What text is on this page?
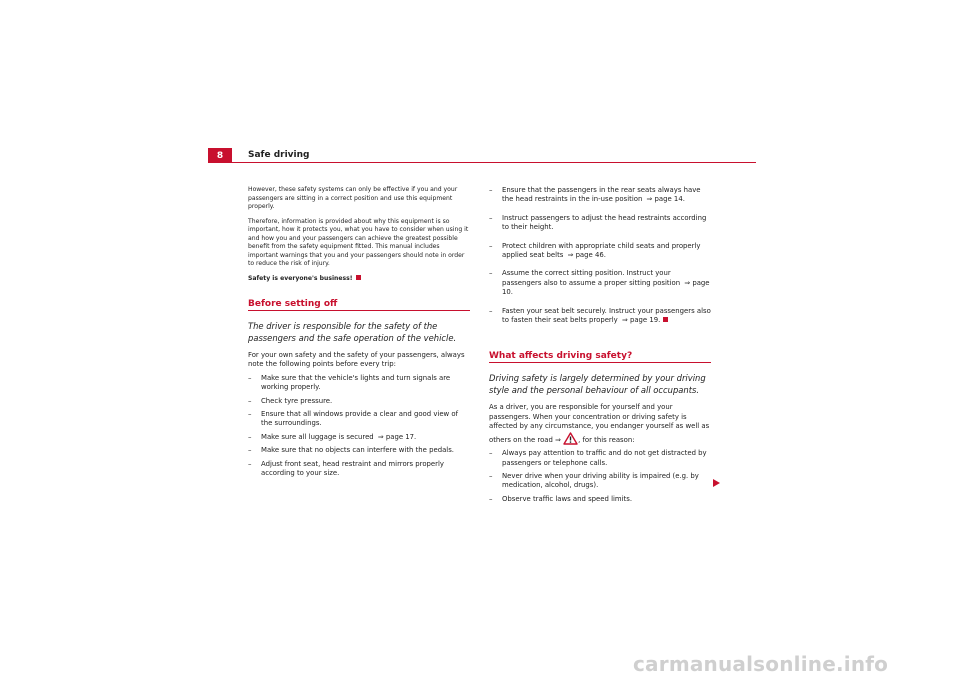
8	Safe driving

However, these safety systems can only be effective if you and your passengers are sitting in a correct position and use this equipment properly.

Therefore, information is provided about why this equipment is so important, how it protects you, what you have to consider when using it and how you and your passengers can achieve the greatest possible benefit from the safety equipment fitted. This manual includes important warnings that you and your passengers should note in order to reduce the risk of injury.

Safety is everyone's business!

Before setting off

The driver is responsible for the safety of the passengers and the safe operation of the vehicle.

For your own safety and the safety of your passengers, always note the following points before every trip:

– Make sure that the vehicle's lights and turn signals are working properly.

– Check tyre pressure.

– Ensure that all windows provide a clear and good view of the surroundings.

– Make sure all luggage is secured ⇒ page 17.

– Make sure that no objects can interfere with the pedals.

– Adjust front seat, head restraint and mirrors properly according to your size.

– Ensure that the passengers in the rear seats always have the head restraints in the in-use position ⇒ page 14.

– Instruct passengers to adjust the head restraints according to their height.

– Protect children with appropriate child seats and properly applied seat belts ⇒ page 46.

– Assume the correct sitting position. Instruct your passengers also to assume a proper sitting position ⇒ page 10.

– Fasten your seat belt securely. Instruct your passengers also to fasten their seat belts properly ⇒ page 19.

What affects driving safety?

Driving safety is largely determined by your driving style and the personal behaviour of all occupants.

As a driver, you are responsible for yourself and your passengers. When your concentration or driving safety is affected by any circumstance, you endanger yourself as well as others on the road ⇒ , for this reason:

– Always pay attention to traffic and do not get distracted by passengers or telephone calls.

– Never drive when your driving ability is impaired (e.g. by medication, alcohol, drugs).

– Observe traffic laws and speed limits.

carmanualsonline.info
